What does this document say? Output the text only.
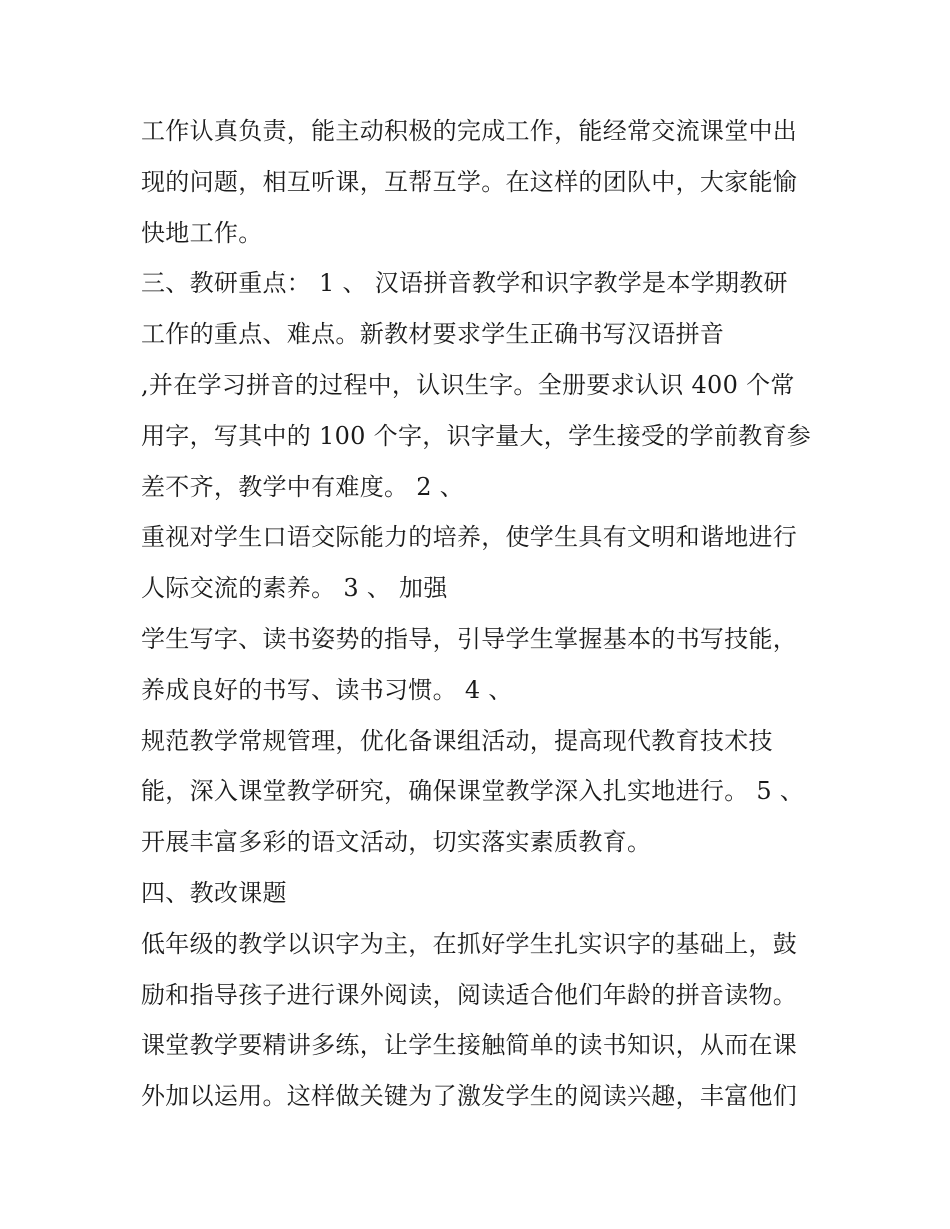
工作认真负责，能主动积极的完成工作，能经常交流课堂中出
现的问题，相互听课，互帮互学。在这样的团队中，大家能愉
快地工作。
三、教研重点： 1 、 汉语拼音教学和识字教学是本学期教研
工作的重点、难点。新教材要求学生正确书写汉语拼音
,并在学习拼音的过程中，认识生字。全册要求认识 400 个常
用字，写其中的 100 个字，识字量大，学生接受的学前教育参
差不齐，教学中有难度。 2 、
重视对学生口语交际能力的培养，使学生具有文明和谐地进行
人际交流的素养。 3 、 加强
学生写字、读书姿势的指导，引导学生掌握基本的书写技能，
养成良好的书写、读书习惯。 4 、
规范教学常规管理，优化备课组活动，提高现代教育技术技
能，深入课堂教学研究，确保课堂教学深入扎实地进行。 5 、
开展丰富多彩的语文活动，切实落实素质教育。
四、教改课题
低年级的教学以识字为主，在抓好学生扎实识字的基础上，鼓
励和指导孩子进行课外阅读，阅读适合他们年龄的拼音读物。
课堂教学要精讲多练，让学生接触简单的读书知识，从而在课
外加以运用。这样做关键为了激发学生的阅读兴趣，丰富他们
